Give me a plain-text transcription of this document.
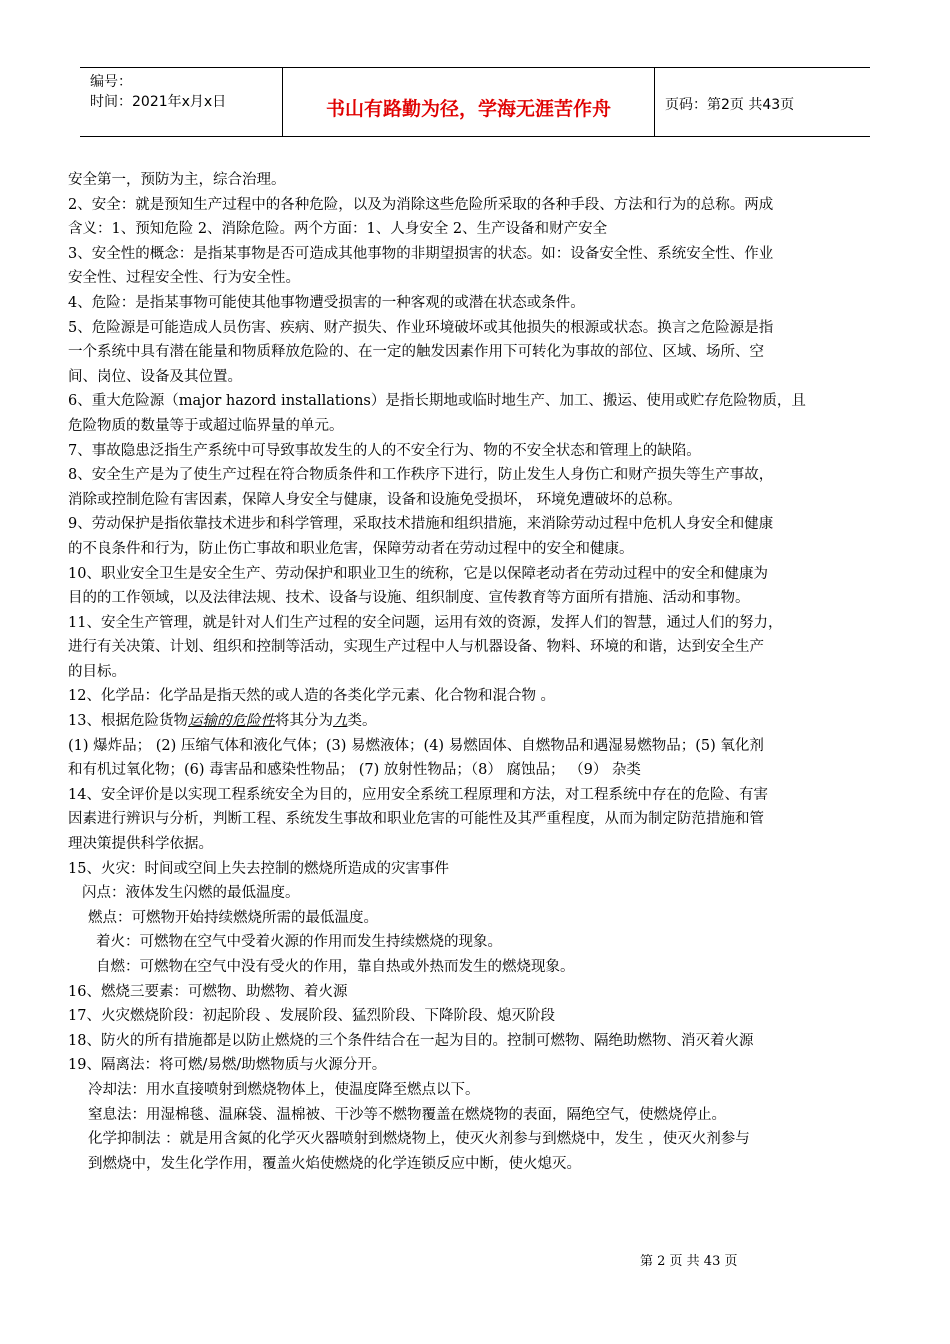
编号：
时间：2021年x月x日	书山有路勤为径，学海无涯苦作舟	页码：第2页 共43页

安全第一，预防为主，综合治理。

2、安全：就是预知生产过程中的各种危险，以及为消除这些危险所采取的各种手段、方法和行为的总称。两成

含义：1、预知危险 2、消除危险。两个方面：1、人身安全 2、生产设备和财产安全

3、安全性的概念：是指某事物是否可造成其他事物的非期望损害的状态。如：设备安全性、系统安全性、作业

安全性、过程安全性、行为安全性。

4、危险：是指某事物可能使其他事物遭受损害的一种客观的或潜在状态或条件。

5、危险源是可能造成人员伤害、疾病、财产损失、作业环境破坏或其他损失的根源或状态。换言之危险源是指

一个系统中具有潜在能量和物质释放危险的、在一定的触发因素作用下可转化为事故的部位、区域、场所、空

间、岗位、设备及其位置。

6、重大危险源（major hazord installations）是指长期地或临时地生产、加工、搬运、使用或贮存危险物质，且

危险物质的数量等于或超过临界量的单元。

7、事故隐患泛指生产系统中可导致事故发生的人的不安全行为、物的不安全状态和管理上的缺陷。

8、安全生产是为了使生产过程在符合物质条件和工作秩序下进行，防止发生人身伤亡和财产损失等生产事故，

消除或控制危险有害因素，保障人身安全与健康，设备和设施免受损坏， 环境免遭破坏的总称。

9、劳动保护是指依靠技术进步和科学管理，采取技术措施和组织措施，来消除劳动过程中危机人身安全和健康

的不良条件和行为，防止伤亡事故和职业危害，保障劳动者在劳动过程中的安全和健康。

10、职业安全卫生是安全生产、劳动保护和职业卫生的统称，它是以保障老动者在劳动过程中的安全和健康为

目的的工作领域，以及法律法规、技术、设备与设施、组织制度、宣传教育等方面所有措施、活动和事物。

11、安全生产管理，就是针对人们生产过程的安全问题，运用有效的资源，发挥人们的智慧，通过人们的努力，

进行有关决策、计划、组织和控制等活动，实现生产过程中人与机器设备、物料、环境的和谐，达到安全生产

的目标。

12、化学品：化学品是指天然的或人造的各类化学元素、化合物和混合物 。

13、根据危险货物运输的危险性将其分为九类。

(1) 爆炸品； (2) 压缩气体和液化气体；(3) 易燃液体；(4) 易燃固体、自燃物品和遇湿易燃物品；(5) 氧化剂

和有机过氧化物；(6) 毒害品和感染性物品； (7) 放射性物品；（8） 腐蚀品； （9） 杂类

14、安全评价是以实现工程系统安全为目的，应用安全系统工程原理和方法，对工程系统中存在的危险、有害

因素进行辨识与分析，判断工程、系统发生事故和职业危害的可能性及其严重程度，从而为制定防范措施和管

理决策提供科学依据。

15、火灾：时间或空间上失去控制的燃烧所造成的灾害事件

闪点：液体发生闪燃的最低温度。

燃点：可燃物开始持续燃烧所需的最低温度。

着火：可燃物在空气中受着火源的作用而发生持续燃烧的现象。

自燃：可燃物在空气中没有受火的作用，靠自热或外热而发生的燃烧现象。

16、燃烧三要素：可燃物、助燃物、着火源

17、火灾燃烧阶段：初起阶段 、发展阶段、猛烈阶段、下降阶段、熄灭阶段

18、防火的所有措施都是以防止燃烧的三个条件结合在一起为目的。控制可燃物、隔绝助燃物、消灭着火源

19、隔离法：将可燃/易燃/助燃物质与火源分开。

冷却法：用水直接喷射到燃烧物体上，使温度降至燃点以下。

窒息法：用湿棉毯、温麻袋、温棉被、干沙等不燃物覆盖在燃烧物的表面，隔绝空气，使燃烧停止。

化学抑制法 ：就是用含氮的化学灭火器喷射到燃烧物上，使灭火剂参与到燃烧中，发生 ，使灭火剂参与

到燃烧中，发生化学作用，覆盖火焰使燃烧的化学连锁反应中断，使火熄灭。

第 2 页 共 43 页
